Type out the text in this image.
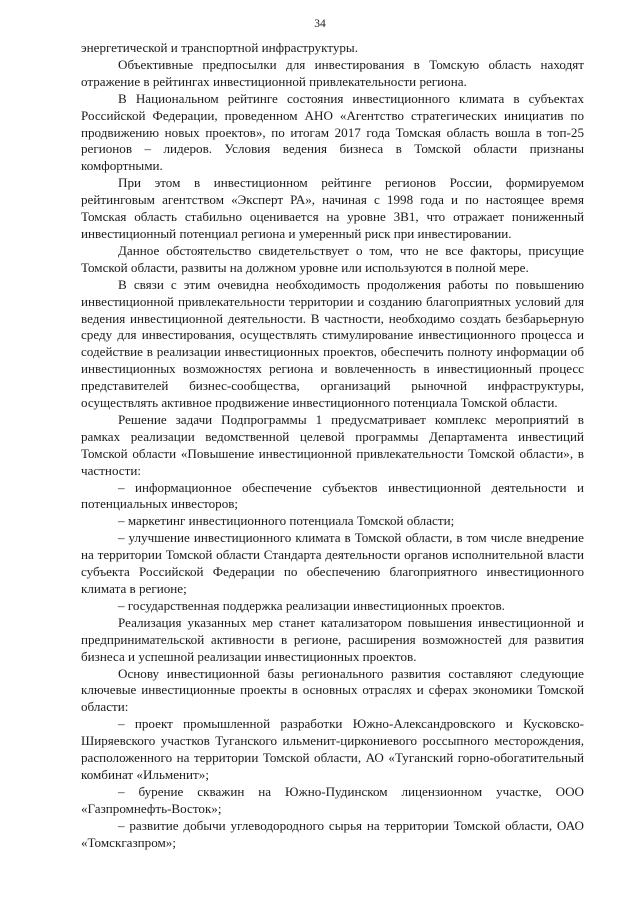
34

энергетической и транспортной инфраструктуры.

Объективные предпосылки для инвестирования в Томскую область находят отражение в рейтингах инвестиционной привлекательности региона.

В Национальном рейтинге состояния инвестиционного климата в субъектах Российской Федерации, проведенном АНО «Агентство стратегических инициатив по продвижению новых проектов», по итогам 2017 года Томская область вошла в топ-25 регионов – лидеров. Условия ведения бизнеса в Томской области признаны комфортными.

При этом в инвестиционном рейтинге регионов России, формируемом рейтинговым агентством «Эксперт РА», начиная с 1998 года и по настоящее время Томская область стабильно оценивается на уровне 3В1, что отражает пониженный инвестиционный потенциал региона и умеренный риск при инвестировании.

Данное обстоятельство свидетельствует о том, что не все факторы, присущие Томской области, развиты на должном уровне или используются в полной мере.

В связи с этим очевидна необходимость продолжения работы по повышению инвестиционной привлекательности территории и созданию благоприятных условий для ведения инвестиционной деятельности. В частности, необходимо создать безбарьерную среду для инвестирования, осуществлять стимулирование инвестиционного процесса и содействие в реализации инвестиционных проектов, обеспечить полноту информации об инвестиционных возможностях региона и вовлеченность в инвестиционный процесс представителей бизнес-сообщества, организаций рыночной инфраструктуры, осуществлять активное продвижение инвестиционного потенциала Томской области.

Решение задачи Подпрограммы 1 предусматривает комплекс мероприятий в рамках реализации ведомственной целевой программы Департамента инвестиций Томской области «Повышение инвестиционной привлекательности Томской области», в частности:

– информационное обеспечение субъектов инвестиционной деятельности и потенциальных инвесторов;

– маркетинг инвестиционного потенциала Томской области;

– улучшение инвестиционного климата в Томской области, в том числе внедрение на территории Томской области Стандарта деятельности органов исполнительной власти субъекта Российской Федерации по обеспечению благоприятного инвестиционного климата в регионе;

– государственная поддержка реализации инвестиционных проектов.

Реализация указанных мер станет катализатором повышения инвестиционной и предпринимательской активности в регионе, расширения возможностей для развития бизнеса и успешной реализации инвестиционных проектов.

Основу инвестиционной базы регионального развития составляют следующие ключевые инвестиционные проекты в основных отраслях и сферах экономики Томской области:

– проект промышленной разработки Южно-Александровского и Кусковско-Ширяевского участков Туганского ильменит-циркониевого россыпного месторождения, расположенного на территории Томской области, АО «Туганский горно-обогатительный комбинат «Ильменит»;

– бурение скважин на Южно-Пудинском лицензионном участке, ООО «Газпромнефть-Восток»;

– развитие добычи углеводородного сырья на территории Томской области, ОАО «Томскгазпром»;
